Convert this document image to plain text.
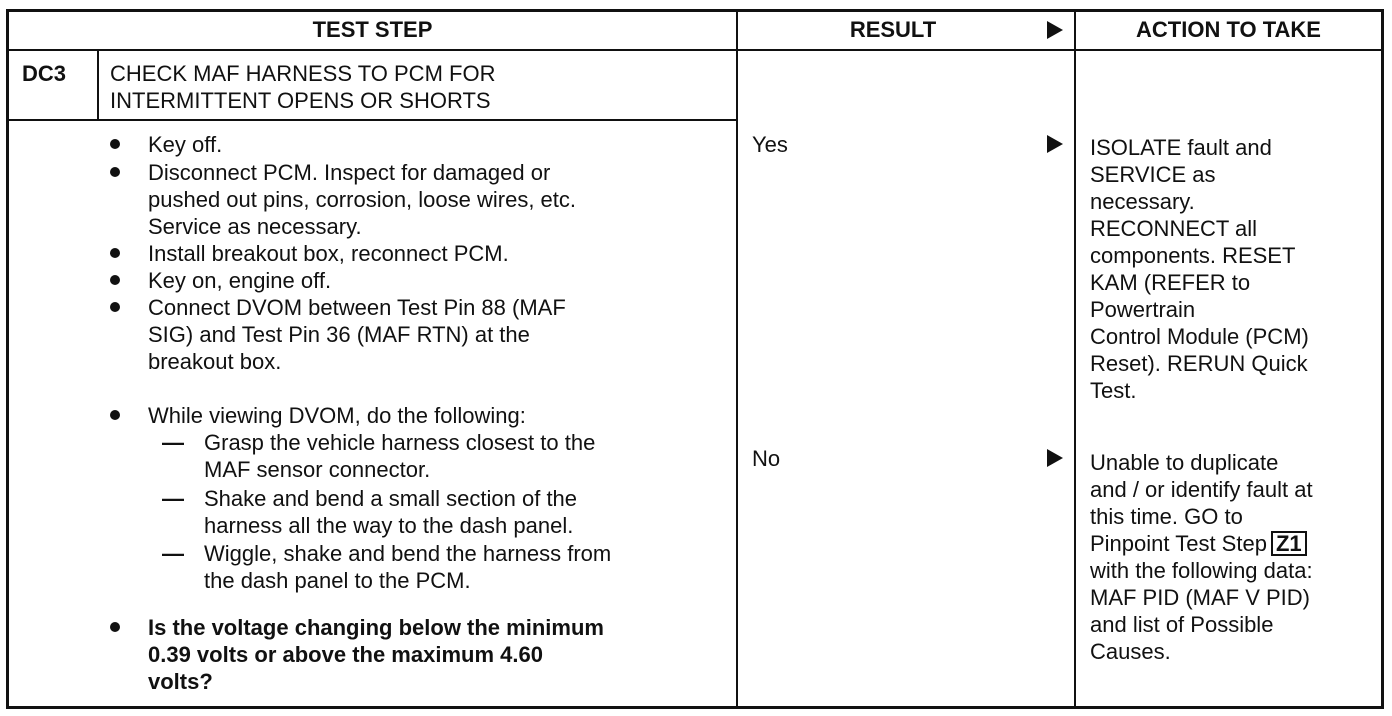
TEST STEP	RESULT	ACTION TO TAKE
DC3 CHECK MAF HARNESS TO PCM FOR
INTERMITTENT OPENS OR SHORTS
Key off.
Disconnect PCM. Inspect for damaged or
pushed out pins, corrosion, loose wires, etc.
Service as necessary.
Install breakout box, reconnect PCM.
Key on, engine off.
Connect DVOM between Test Pin 88 (MAF
SIG) and Test Pin 36 (MAF RTN) at the
breakout box.
While viewing DVOM, do the following:
— Grasp the vehicle harness closest to the
MAF sensor connector.
— Shake and bend a small section of the
harness all the way to the dash panel.
— Wiggle, shake and bend the harness from
the dash panel to the PCM.
Is the voltage changing below the minimum
0.39 volts or above the maximum 4.60
volts?
Yes
No
ISOLATE fault and
SERVICE as
necessary.
RECONNECT all
components. RESET
KAM (REFER to
Powertrain
Control Module (PCM)
Reset). RERUN Quick
Test.
Unable to duplicate
and / or identify fault at
this time. GO to
Pinpoint Test Step Z1
with the following data:
MAF PID (MAF V PID)
and list of Possible
Causes.
